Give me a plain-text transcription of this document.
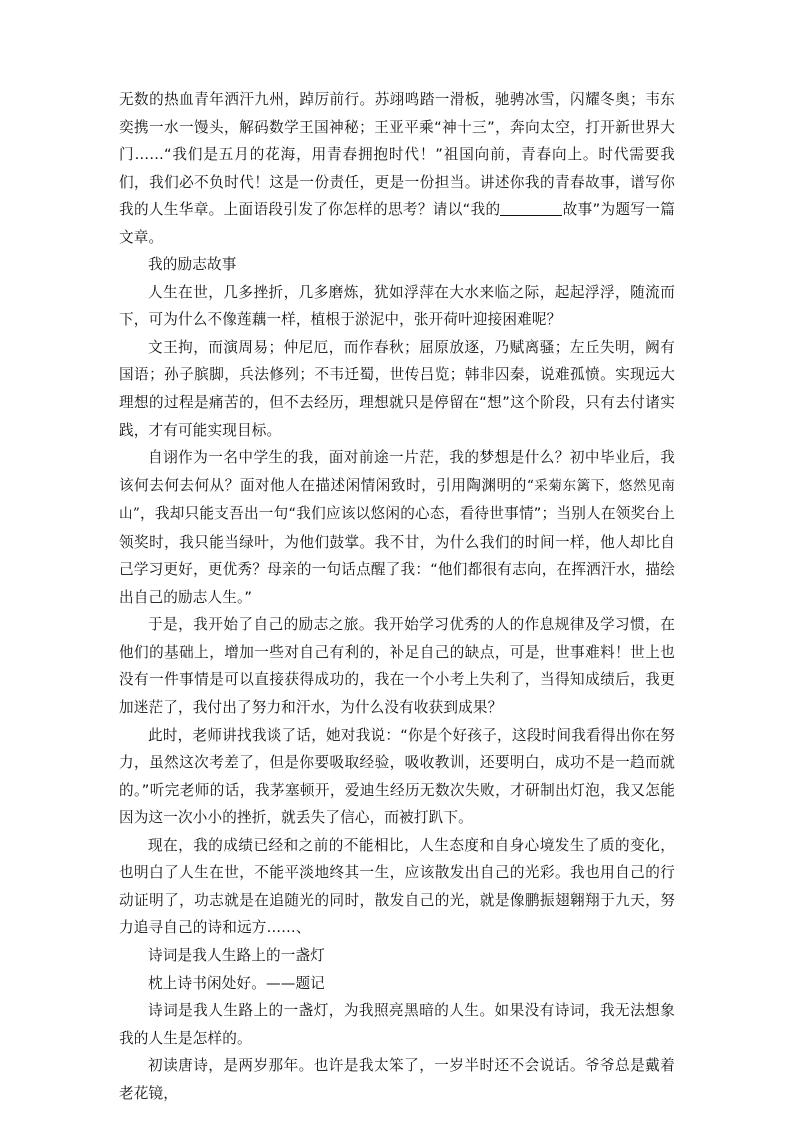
无数的热血青年洒汗九州，踔厉前行。苏翊鸣踏一滑板，驰骋冰雪，闪耀冬奥；韦东奕携一水一馒头，解码数学王国神秘；王亚平乘“神十三”，奔向太空，打开新世界大门……“我们是五月的花海，用青春拥抱时代！”祖国向前，青春向上。时代需要我们，我们必不负时代！这是一份责任，更是一份担当。讲述你我的青春故事，谱写你我的人生华章。上面语段引发了你怎样的思考？请以“我的	故事”为题写一篇文章。

我的励志故事

人生在世，几多挫折，几多磨炼，犹如浮萍在大水来临之际，起起浮浮，随流而下，可为什么不像莲藕一样，植根于淤泥中，张开荷叶迎接困难呢？

文王拘，而演周易；仲尼厄，而作春秋；屈原放逐，乃赋离骚；左丘失明，阙有国语；孙子膑脚，兵法修列；不韦迁蜀，世传吕览；韩非囚秦，说难孤愤。实现远大理想的过程是痛苦的，但不去经历，理想就只是停留在“想”这个阶段，只有去付诸实践，才有可能实现目标。

自诩作为一名中学生的我，面对前途一片茫，我的梦想是什么？初中毕业后，我该何去何去何从？面对他人在描述闲情闲致时，引用陶渊明的“采菊东篱下，悠然见南山”，我却只能支吾出一句“我们应该以悠闲的心态，看待世事情”；当别人在领奖台上领奖时，我只能当绿叶，为他们鼓掌。我不甘，为什么我们的时间一样，他人却比自己学习更好，更优秀？母亲的一句话点醒了我：“他们都很有志向，在挥洒汗水，描绘出自己的励志人生。”

于是，我开始了自己的励志之旅。我开始学习优秀的人的作息规律及学习惯，在他们的基础上，增加一些对自己有利的，补足自己的缺点，可是，世事难料！世上也没有一件事情是可以直接获得成功的，我在一个小考上失利了，当得知成绩后，我更加迷茫了，我付出了努力和汗水，为什么没有收获到成果？

此时，老师讲找我谈了话，她对我说：“你是个好孩子，这段时间我看得出你在努力，虽然这次考差了，但是你要吸取经验，吸收教训，还要明白，成功不是一趋而就的。”听完老师的话，我茅塞顿开，爱迪生经历无数次失败，才研制出灯泡，我又怎能因为这一次小小的挫折，就丢失了信心，而被打趴下。

现在，我的成绩已经和之前的不能相比，人生态度和自身心境发生了质的变化，也明白了人生在世，不能平淡地终其一生，应该散发出自己的光彩。我也用自己的行动证明了，功志就是在追随光的同时，散发自己的光，就是像鹏振翅翱翔于九天，努力追寻自己的诗和远方……、

诗词是我人生路上的一盏灯

枕上诗书闲处好。——题记

诗词是我人生路上的一盏灯，为我照亮黑暗的人生。如果没有诗词，我无法想象我的人生是怎样的。

初读唐诗，是两岁那年。也许是我太笨了，一岁半时还不会说话。爷爷总是戴着老花镜，
